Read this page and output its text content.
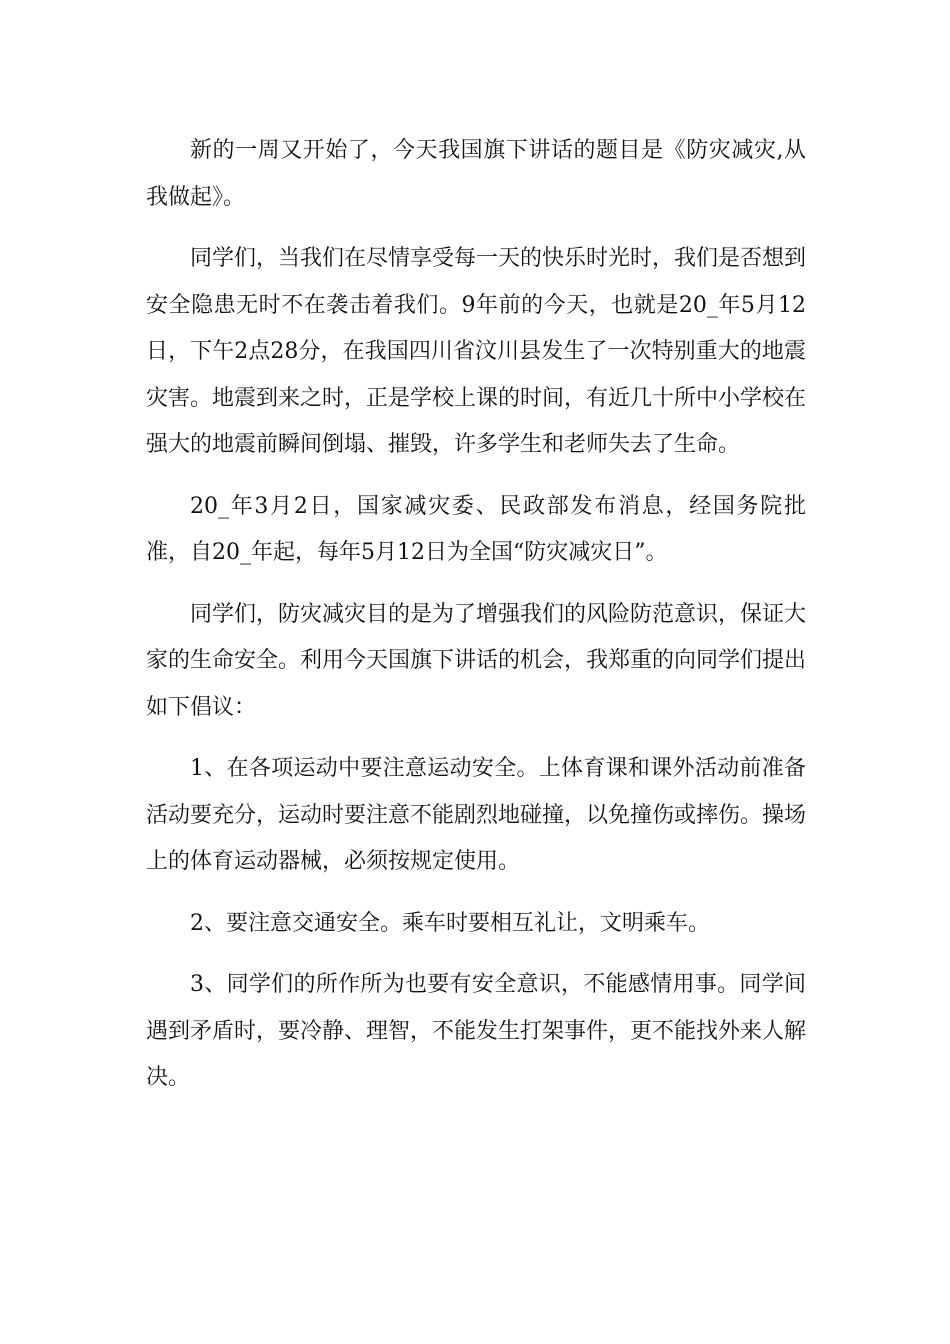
新的一周又开始了，今天我国旗下讲话的题目是《防灾减灾,从我做起》。

同学们，当我们在尽情享受每一天的快乐时光时，我们是否想到安全隐患无时不在袭击着我们。9年前的今天，也就是20_年5月12日，下午2点28分，在我国四川省汶川县发生了一次特别重大的地震灾害。地震到来之时，正是学校上课的时间，有近几十所中小学校在强大的地震前瞬间倒塌、摧毁，许多学生和老师失去了生命。

20_年3月2日，国家减灾委、民政部发布消息，经国务院批准，自20_年起，每年5月12日为全国“防灾减灾日”。

同学们，防灾减灾目的是为了增强我们的风险防范意识，保证大家的生命安全。利用今天国旗下讲话的机会，我郑重的向同学们提出如下倡议：

1、在各项运动中要注意运动安全。上体育课和课外活动前准备活动要充分，运动时要注意不能剧烈地碰撞，以免撞伤或摔伤。操场上的体育运动器械，必须按规定使用。

2、要注意交通安全。乘车时要相互礼让，文明乘车。

3、同学们的所作所为也要有安全意识，不能感情用事。同学间遇到矛盾时，要冷静、理智，不能发生打架事件，更不能找外来人解决。
